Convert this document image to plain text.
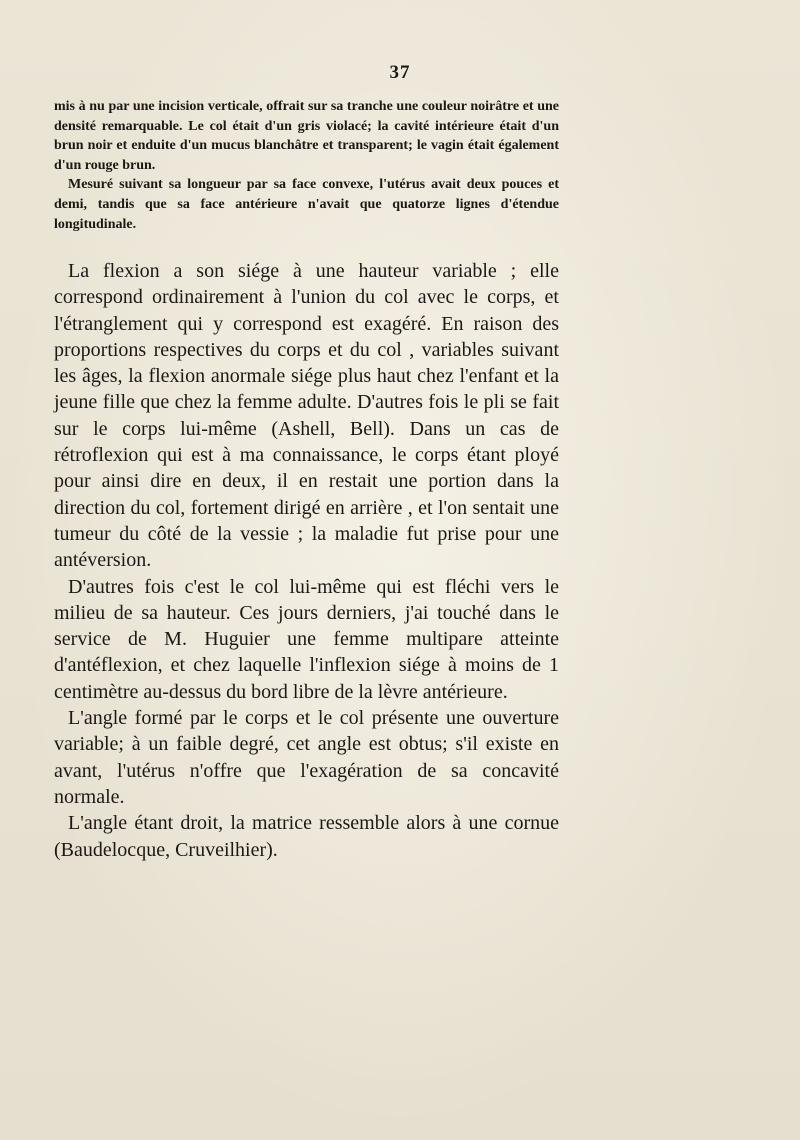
37

mis à nu par une incision verticale, offrait sur sa tranche une couleur noirâtre et une densité remarquable. Le col était d'un gris violacé; la cavité intérieure était d'un brun noir et enduite d'un mucus blanchâtre et transparent; le vagin était également d'un rouge brun.

Mesuré suivant sa longueur par sa face convexe, l'utérus avait deux pouces et demi, tandis que sa face antérieure n'avait que quatorze lignes d'étendue longitudinale.

La flexion a son siége à une hauteur variable ; elle correspond ordinairement à l'union du col avec le corps, et l'étranglement qui y correspond est exagéré. En raison des proportions respectives du corps et du col , variables suivant les âges, la flexion anormale siége plus haut chez l'enfant et la jeune fille que chez la femme adulte. D'autres fois le pli se fait sur le corps lui-même (Ashell, Bell). Dans un cas de rétroflexion qui est à ma connaissance, le corps étant ployé pour ainsi dire en deux, il en restait une portion dans la direction du col, fortement dirigé en arrière , et l'on sentait une tumeur du côté de la vessie ; la maladie fut prise pour une antéversion.

D'autres fois c'est le col lui-même qui est fléchi vers le milieu de sa hauteur. Ces jours derniers, j'ai touché dans le service de M. Huguier une femme multipare atteinte d'antéflexion, et chez laquelle l'inflexion siége à moins de 1 centimètre au-dessus du bord libre de la lèvre antérieure.

L'angle formé par le corps et le col présente une ouverture variable; à un faible degré, cet angle est obtus; s'il existe en avant, l'utérus n'offre que l'exagération de sa concavité normale.

L'angle étant droit, la matrice ressemble alors à une cornue (Baudelocque, Cruveilhier).
